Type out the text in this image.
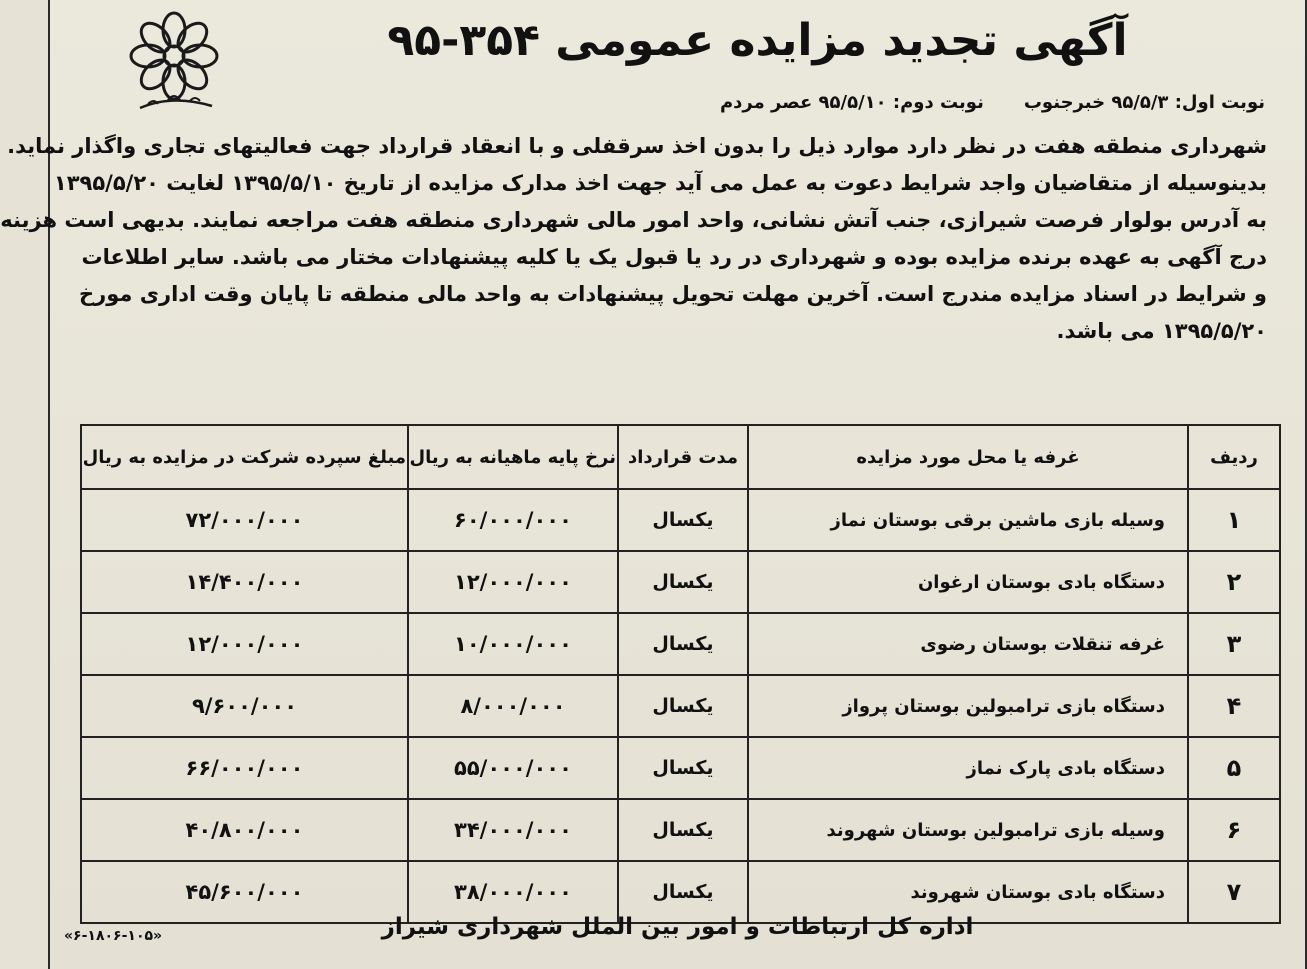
آگهی تجدید مزایده عمومی ۳۵۴-۹۵
نوبت اول: ۹۵/۵/۳ خبرجنوب
نوبت دوم: ۹۵/۵/۱۰ عصر مردم
شهرداری منطقه هفت در نظر دارد موارد ذیل را بدون اخذ سرقفلی و با انعقاد قرارداد جهت فعالیتهای تجاری واگذار نماید.
بدینوسیله از متقاضیان واجد شرایط دعوت به عمل می آید جهت اخذ مدارک مزایده از تاریخ ۱۳۹۵/۵/۱۰ لغایت ۱۳۹۵/۵/۲۰
به آدرس بولوار فرصت شیرازی، جنب آتش نشانی، واحد امور مالی شهرداری منطقه هفت مراجعه نمایند. بدیهی است هزینه
درج آگهی به عهده برنده مزایده بوده و شهرداری در رد یا قبول یک یا کلیه پیشنهادات مختار می باشد. سایر اطلاعات
و شرایط در اسناد مزایده مندرج است. آخرین مهلت تحویل پیشنهادات به واحد مالی منطقه تا پایان وقت اداری مورخ
۱۳۹۵/۵/۲۰ می باشد.
ردیف	غرفه یا محل مورد مزایده	مدت قرارداد	نرخ پایه ماهیانه به ریال	مبلغ سپرده شرکت در مزایده به ریال
۱	وسیله بازی ماشین برقی بوستان نماز	یکسال	۶۰/۰۰۰/۰۰۰	۷۲/۰۰۰/۰۰۰
۲	دستگاه بادی بوستان ارغوان	یکسال	۱۲/۰۰۰/۰۰۰	۱۴/۴۰۰/۰۰۰
۳	غرفه تنقلات بوستان رضوی	یکسال	۱۰/۰۰۰/۰۰۰	۱۲/۰۰۰/۰۰۰
۴	دستگاه بازی ترامبولین بوستان پرواز	یکسال	۸/۰۰۰/۰۰۰	۹/۶۰۰/۰۰۰
۵	دستگاه بادی پارک نماز	یکسال	۵۵/۰۰۰/۰۰۰	۶۶/۰۰۰/۰۰۰
۶	وسیله بازی ترامبولین بوستان شهروند	یکسال	۳۴/۰۰۰/۰۰۰	۴۰/۸۰۰/۰۰۰
۷	دستگاه بادی بوستان شهروند	یکسال	۳۸/۰۰۰/۰۰۰	۴۵/۶۰۰/۰۰۰
اداره کل ارتباطات و امور بین الملل شهرداری شیراز
«۶-۱۸۰۶-۱۰۵»
